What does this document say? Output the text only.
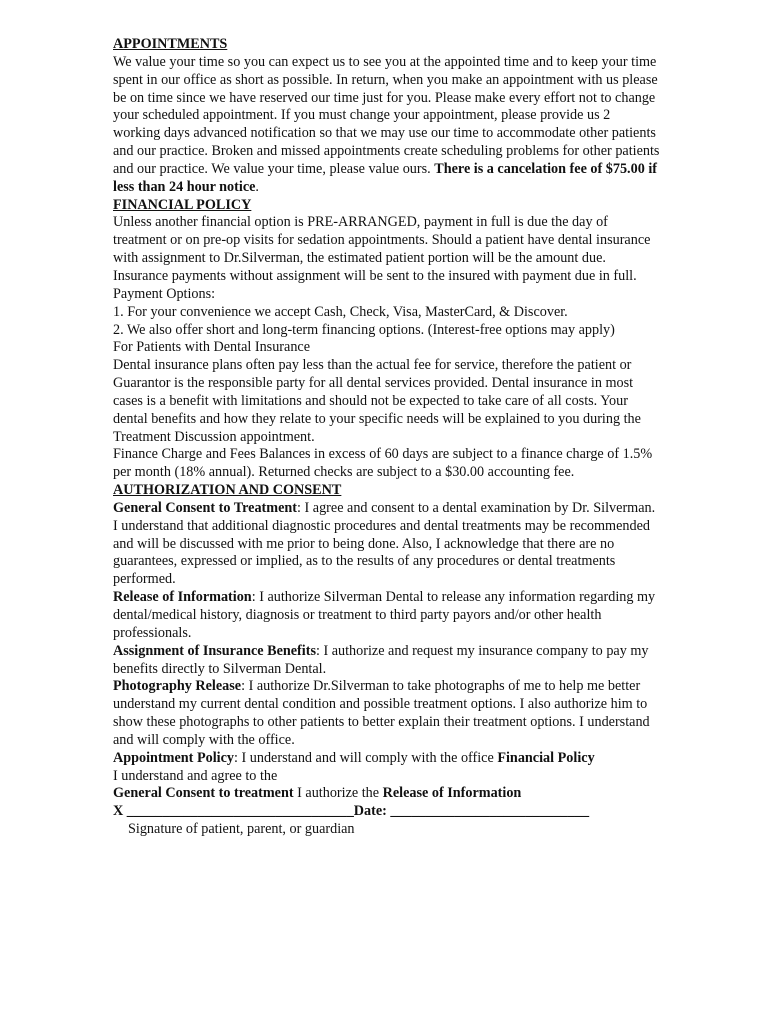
APPOINTMENTS

We value your time so you can expect us to see you at the appointed time and to keep your time spent in our office as short as possible. In return, when you make an appointment with us please be on time since we have reserved our time just for you. Please make every effort not to change your scheduled appointment. If you must change your appointment, please provide us 2 working days advanced notification so that we may use our time to accommodate other patients and our practice. Broken and missed appointments create scheduling problems for other patients and our practice. We value your time, please value ours. There is a cancelation fee of $75.00 if less than 24 hour notice.

FINANCIAL POLICY

Unless another financial option is PRE-ARRANGED, payment in full is due the day of treatment or on pre-op visits for sedation appointments. Should a patient have dental insurance with assignment to Dr.Silverman, the estimated patient portion will be the amount due. Insurance payments without assignment will be sent to the insured with payment due in full.

Payment Options:

1. For your convenience we accept Cash, Check, Visa, MasterCard, & Discover.

2. We also offer short and long-term financing options. (Interest-free options may apply)

For Patients with Dental Insurance

Dental insurance plans often pay less than the actual fee for service, therefore the patient or Guarantor is the responsible party for all dental services provided. Dental insurance in most cases is a benefit with limitations and should not be expected to take care of all costs. Your dental benefits and how they relate to your specific needs will be explained to you during the Treatment Discussion appointment.

Finance Charge and Fees Balances in excess of 60 days are subject to a finance charge of 1.5% per month (18% annual). Returned checks are subject to a $30.00 accounting fee.

AUTHORIZATION AND CONSENT

General Consent to Treatment: I agree and consent to a dental examination by Dr. Silverman. I understand that additional diagnostic procedures and dental treatments may be recommended and will be discussed with me prior to being done. Also, I acknowledge that there are no guarantees, expressed or implied, as to the results of any procedures or dental treatments performed.

Release of Information: I authorize Silverman Dental to release any information regarding my dental/medical history, diagnosis or treatment to third party payors and/or other health professionals.

Assignment of Insurance Benefits: I authorize and request my insurance company to pay my benefits directly to Silverman Dental.

Photography Release: I authorize Dr.Silverman to take photographs of me to help me better understand my current dental condition and possible treatment options. I also authorize him to show these photographs to other patients to better explain their treatment options. I understand and will comply with the office.

Appointment Policy: I understand and will comply with the office Financial Policy

I understand and agree to the

General Consent to treatment I authorize the Release of Information

X ________________________________Date: ____________________________

Signature of patient, parent, or guardian
